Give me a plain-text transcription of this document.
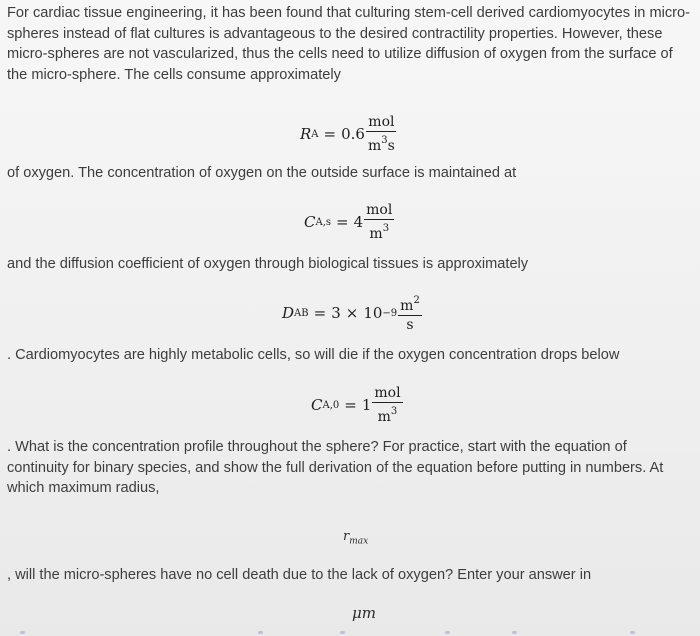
For cardiac tissue engineering, it has been found that culturing stem-cell derived cardiomyocytes in micro-spheres instead of flat cultures is advantageous to the desired contractility properties. However, these micro-spheres are not vascularized, thus the cells need to utilize diffusion of oxygen from the surface of the micro-sphere. The cells consume approximately
R $A = 0.6 \frac{\text{mol}}{m^3s}$
of oxygen. The concentration of oxygen on the outside surface is maintained at
C $A,s = 4 \frac{\text{mol}}{m^3}$
and the diffusion coefficient of oxygen through biological tissues is approximately
D AB = $3 \times 10 -9 \frac{m^2}{s}$
. Cardiomyocytes are highly metabolic cells, so will die if the oxygen concentration drops below
C $A,0 = 1 \frac{\text{mol}}{m^3}$
. What is the concentration profile throughout the sphere? For practice, start with the equation of continuity for binary species, and show the full derivation of the equation before putting in numbers. At which maximum radius,
$r_{max}$
, will the micro-spheres have no cell death due to the lack of oxygen? Enter your answer in
μm
